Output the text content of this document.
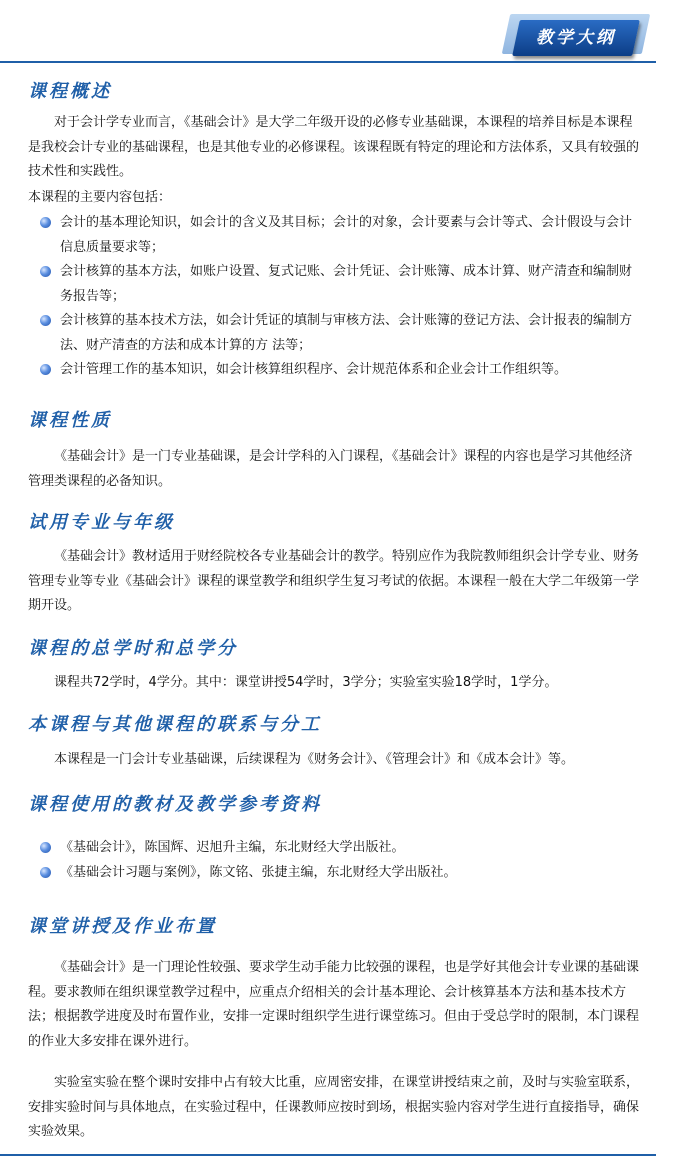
教学大纲
课程概述

对于会计学专业而言，《基础会计》是大学二年级开设的必修专业基础课，本课程的培养目标是本课程是我校会计专业的基础课程，也是其他专业的必修课程。该课程既有特定的理论和方法体系，又具有较强的技术性和实践性。

本课程的主要内容包括：

会计的基本理论知识，如会计的含义及其目标；会计的对象，会计要素与会计等式、会计假设与会计信息质量要求等；
会计核算的基本方法，如账户设置、复式记账、会计凭证、会计账簿、成本计算、财产清查和编制财务报告等；
会计核算的基本技术方法，如会计凭证的填制与审核方法、会计账簿的登记方法、会计报表的编制方法、财产清查的方法和成本计算的方 法等；
会计管理工作的基本知识，如会计核算组织程序、会计规范体系和企业会计工作组织等。
课程性质

《基础会计》是一门专业基础课，是会计学科的入门课程，《基础会计》课程的内容也是学习其他经济管理类课程的必备知识。

试用专业与年级

《基础会计》教材适用于财经院校各专业基础会计的教学。特别应作为我院教师组织会计学专业、财务管理专业等专业《基础会计》课程的课堂教学和组织学生复习考试的依据。本课程一般在大学二年级第一学期开设。

课程的总学时和总学分

课程共72学时，4学分。其中：课堂讲授54学时，3学分；实验室实验18学时，1学分。

本课程与其他课程的联系与分工

本课程是一门会计专业基础课，后续课程为《财务会计》、《管理会计》和《成本会计》等。

课程使用的教材及教学参考资料
《基础会计》，陈国辉、迟旭升主编，东北财经大学出版社。
《基础会计习题与案例》，陈文铭、张捷主编，东北财经大学出版社。
课堂讲授及作业布置

《基础会计》是一门理论性较强、要求学生动手能力比较强的课程，也是学好其他会计专业课的基础课程。要求教师在组织课堂教学过程中，应重点介绍相关的会计基本理论、会计核算基本方法和基本技术方法；根据教学进度及时布置作业，安排一定课时组织学生进行课堂练习。但由于受总学时的限制，本门课程的作业大多安排在课外进行。

实验室实验在整个课时安排中占有较大比重，应周密安排，在课堂讲授结束之前，及时与实验室联系，安排实验时间与具体地点，在实验过程中，任课教师应按时到场，根据实验内容对学生进行直接指导，确保实验效果。
